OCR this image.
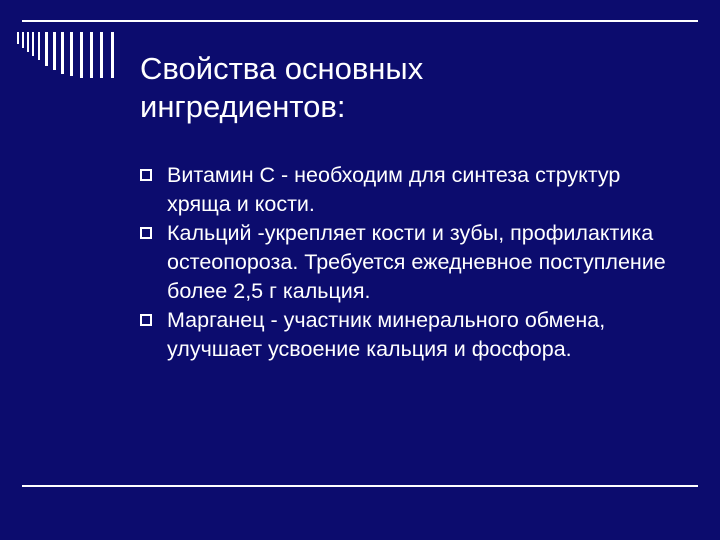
Свойства основных
ингредиентов:
Витамин С - необходим для синтеза структур хряща и кости.
Кальций -укрепляет кости и зубы, профилактика остеопороза. Требуется ежедневное поступление более 2,5 г кальция.
Марганец - участник минерального обмена, улучшает усвоение кальция и фосфора.
